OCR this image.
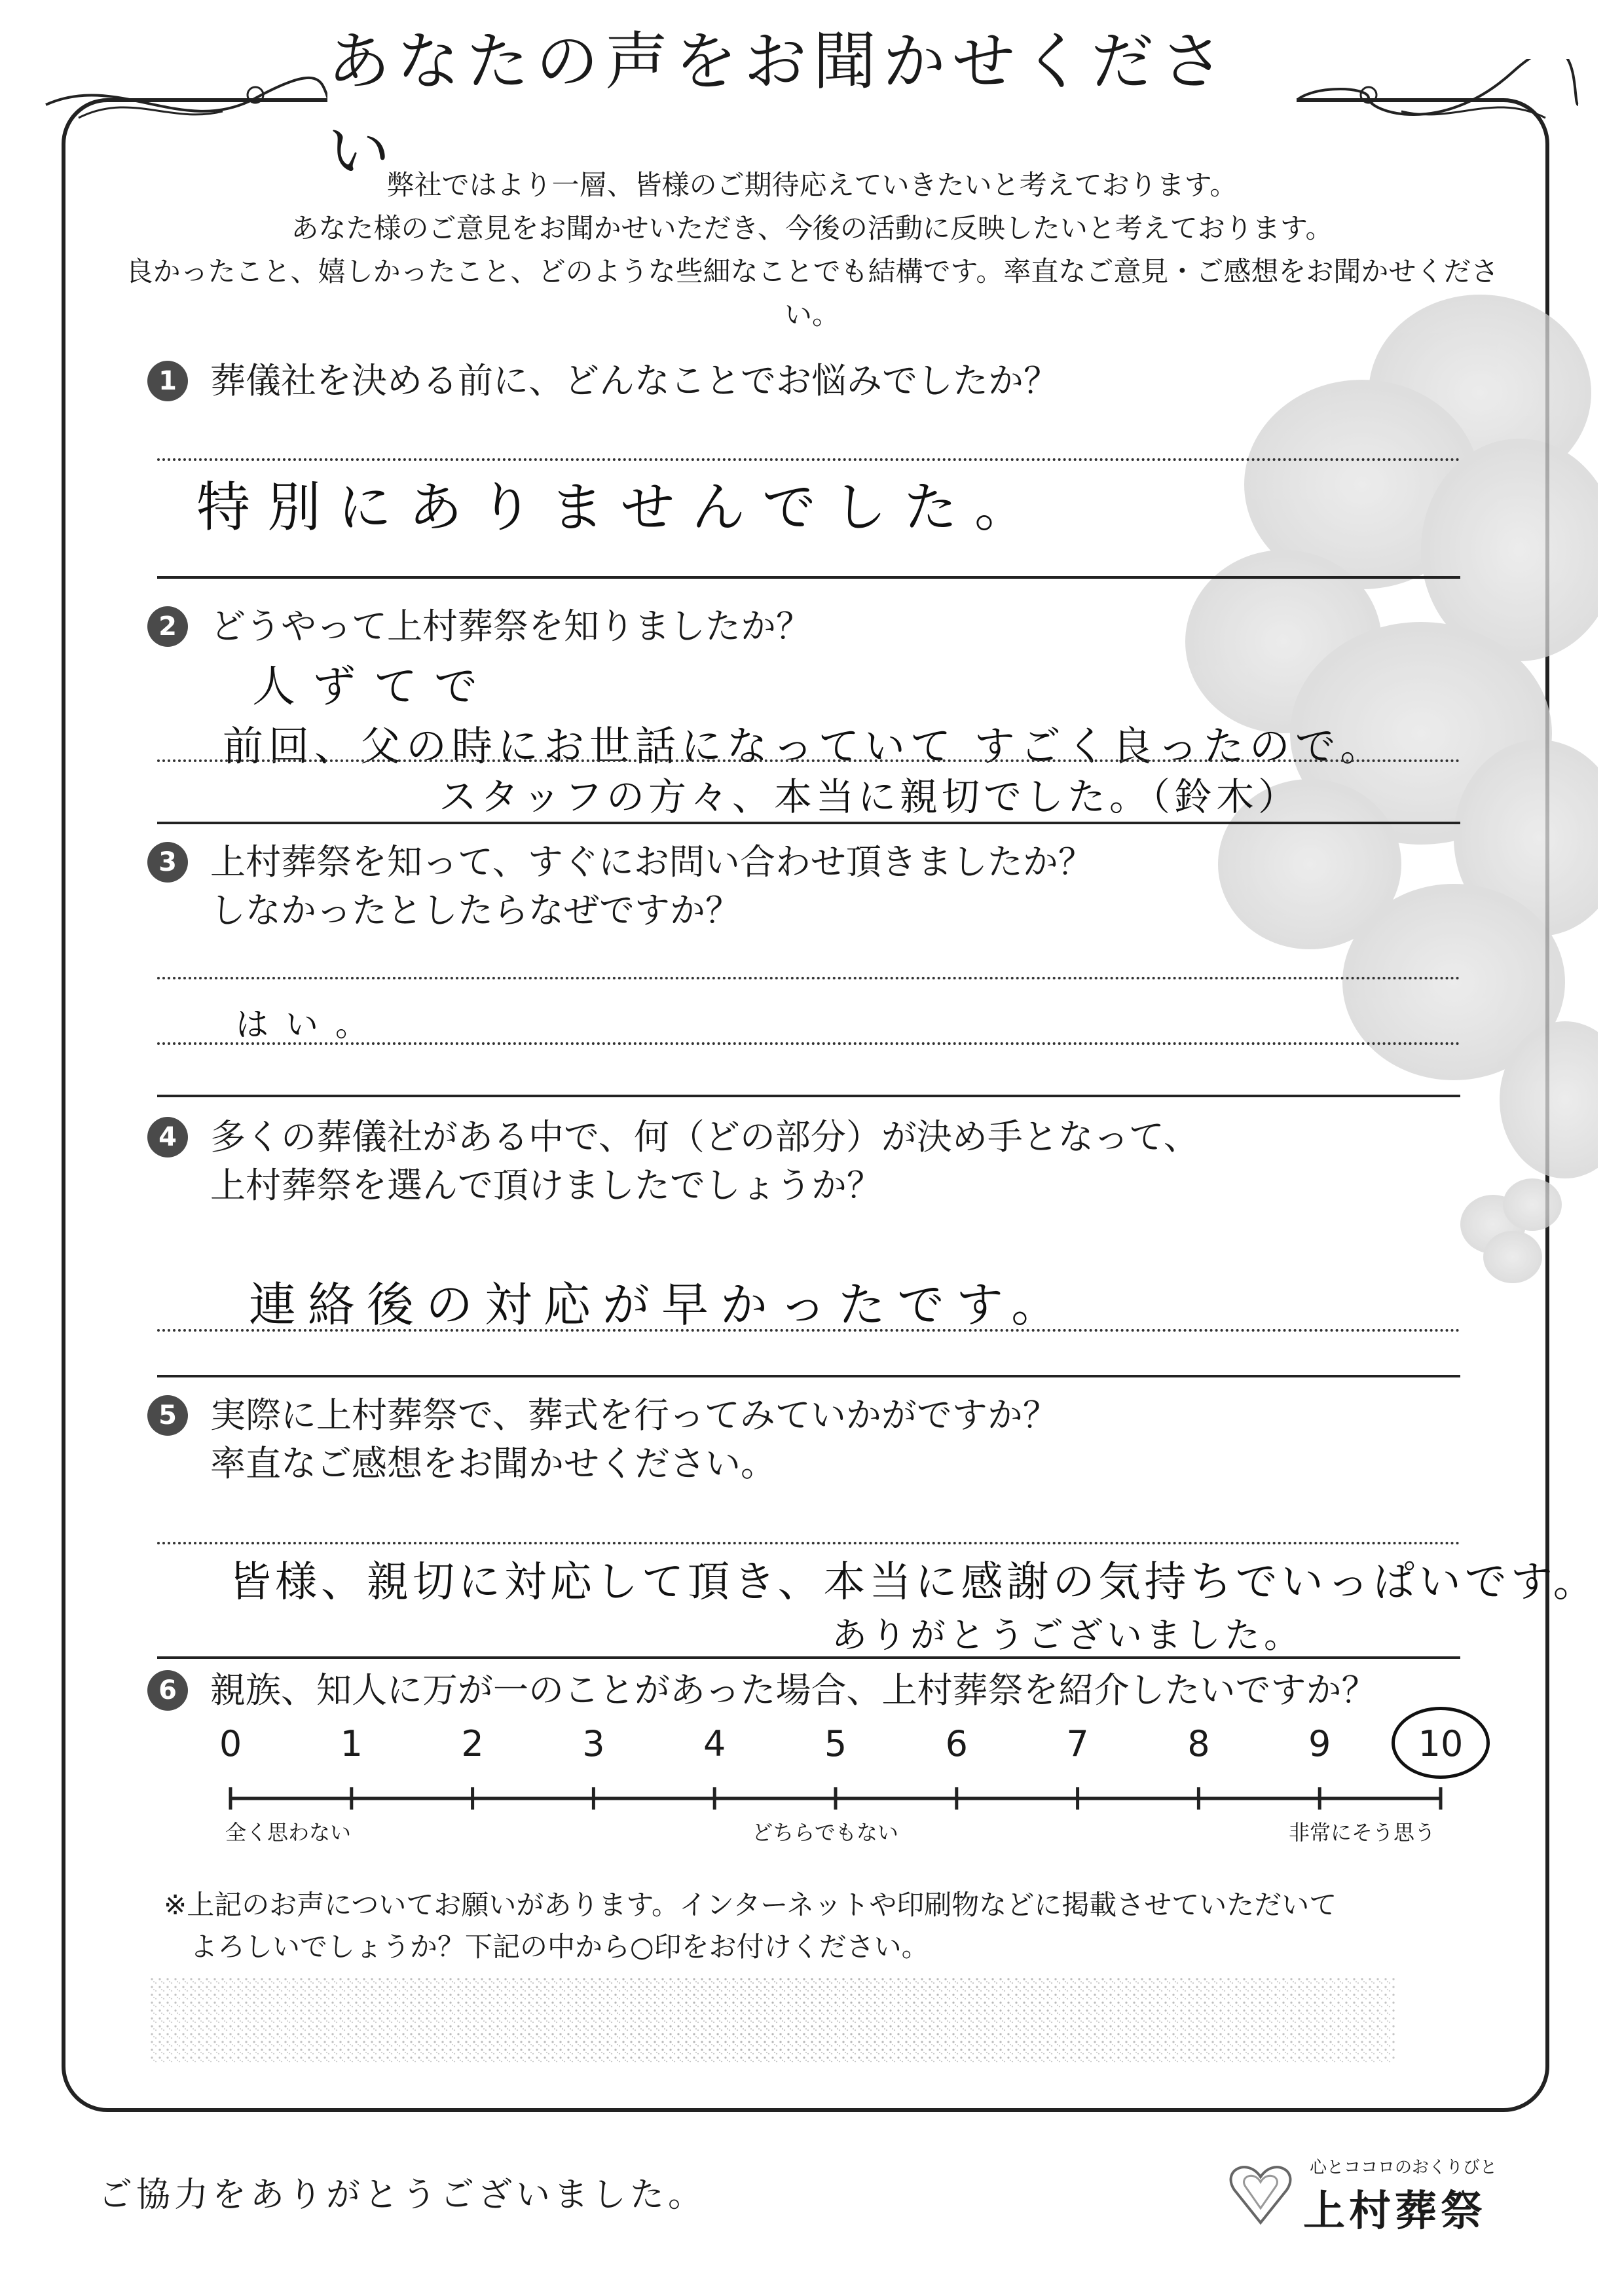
あなたの声をお聞かせください
弊社ではより一層、皆様のご期待応えていきたいと考えております。
あなた様のご意見をお聞かせいただき、今後の活動に反映したいと考えております。
良かったこと、嬉しかったこと、どのような些細なことでも結構です。率直なご意見・ご感想をお聞かせください。
1 葬儀社を決める前に、どんなことでお悩みでしたか？
特別にありませんでした。
2 どうやって上村葬祭を知りましたか？
人ずてで
前回、父の時にお世話になっていて すごく良ったので。
スタッフの方々、本当に親切でした。（鈴木）
3 上村葬祭を知って、すぐにお問い合わせ頂きましたか？
しなかったとしたらなぜですか？
はい。
4 多くの葬儀社がある中で、何（どの部分）が決め手となって、
上村葬祭を選んで頂けましたでしょうか？
連絡後の対応が早かったです。
5 実際に上村葬祭で、葬式を行ってみていかがですか？
率直なご感想をお聞かせください。
皆様、親切に対応して頂き、本当に感謝の気持ちでいっぱいです。
ありがとうございました。
6 親族、知人に万が一のことがあった場合、上村葬祭を紹介したいですか？
0	1	2	3	4	5	6	7	8	9 10
全く思わない	どちらでもない	非常にそう思う
※上記のお声についてお願いがあります。インターネットや印刷物などに掲載させていただいて
よろしいでしょうか？下記の中から○印をお付けください。
ご協力をありがとうございました。
心とココロのおくりびと
上村葬祭
